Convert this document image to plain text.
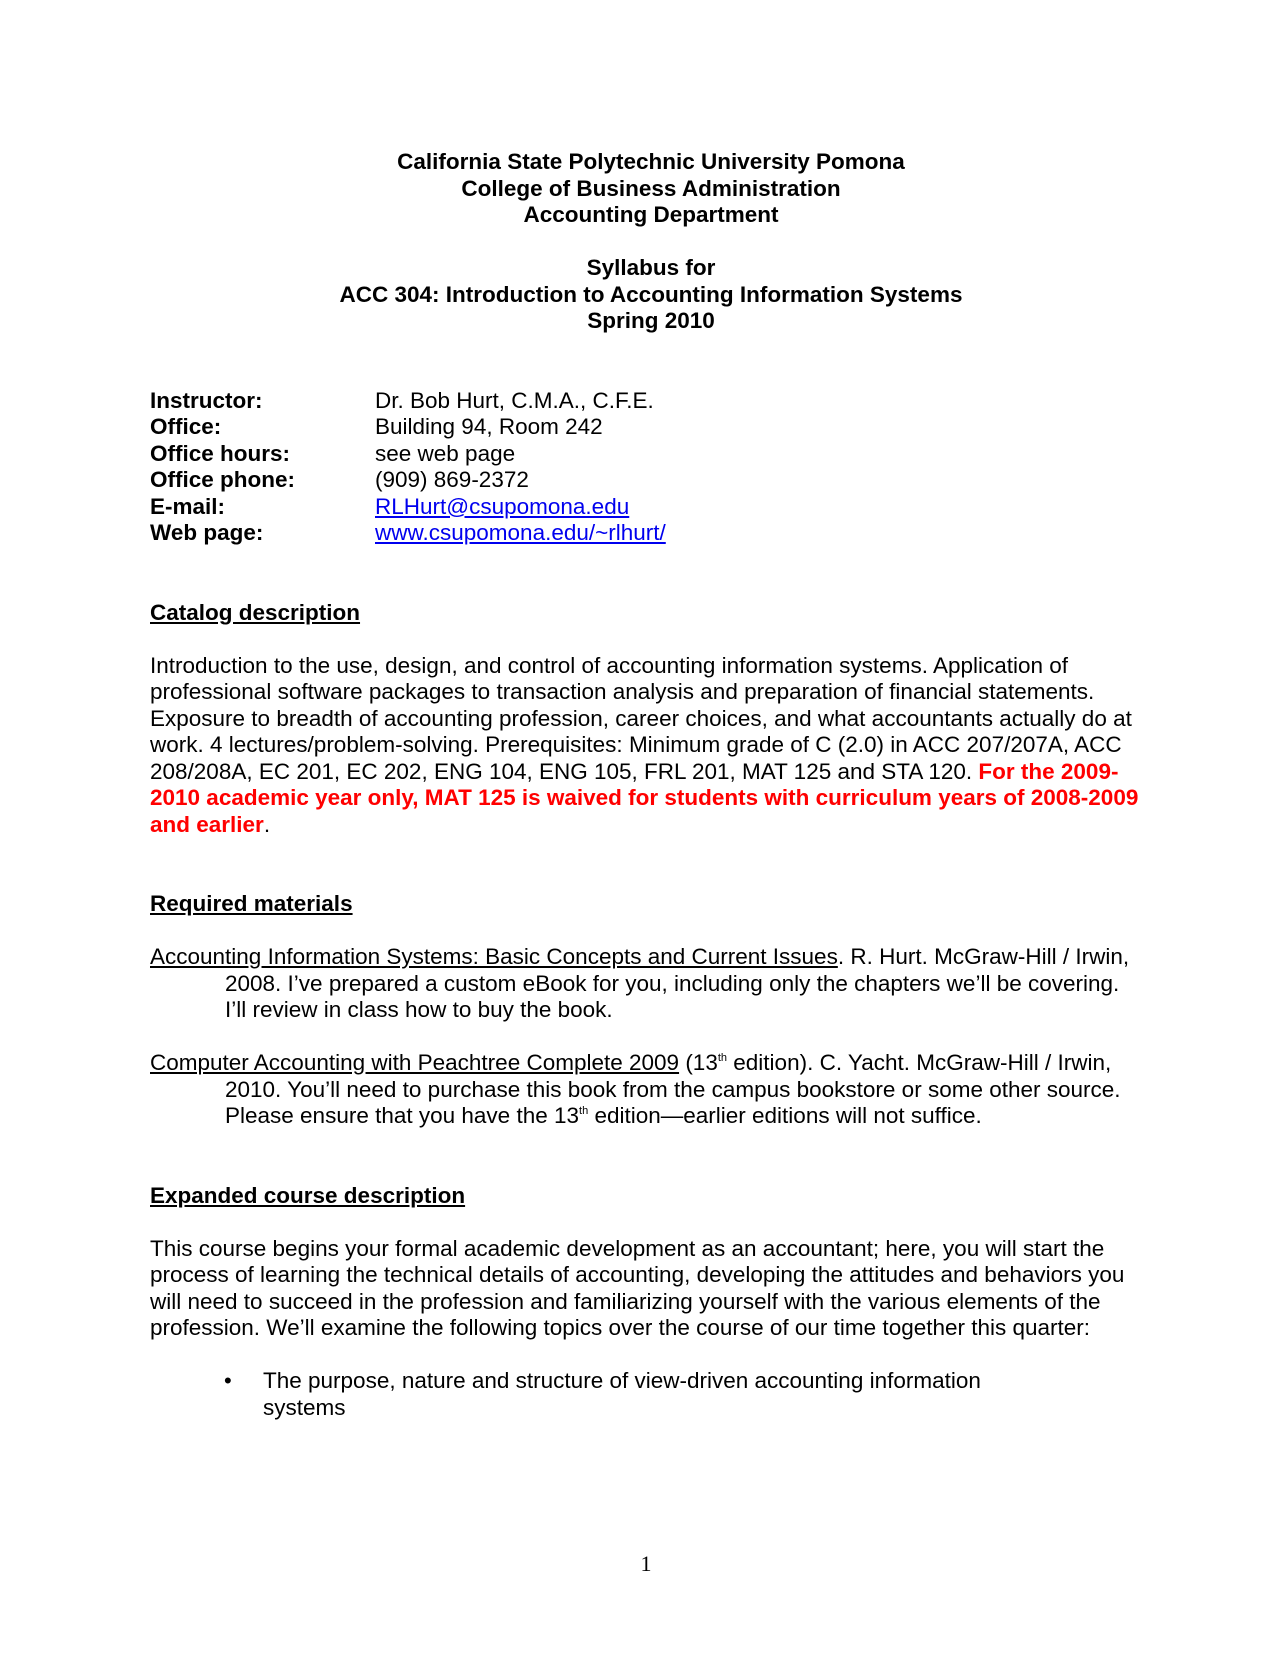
California State Polytechnic University Pomona
College of Business Administration
Accounting Department
Syllabus for
ACC 304: Introduction to Accounting Information Systems
Spring 2010
Instructor:	Dr. Bob Hurt, C.M.A., C.F.E.
Office:	Building 94, Room 242
Office hours:	see web page
Office phone:	(909) 869-2372
E-mail:	RLHurt@csupomona.edu
Web page:	www.csupomona.edu/~rlhurt/
Catalog description

Introduction to the use, design, and control of accounting information systems. Application of professional software packages to transaction analysis and preparation of financial statements. Exposure to breadth of accounting profession, career choices, and what accountants actually do at work. 4 lectures/problem-solving. Prerequisites: Minimum grade of C (2.0) in ACC 207/207A, ACC 208/208A, EC 201, EC 202, ENG 104, ENG 105, FRL 201, MAT 125 and STA 120. For the 2009-2010 academic year only, MAT 125 is waived for students with curriculum years of 2008-2009 and earlier.

Required materials

Accounting Information Systems: Basic Concepts and Current Issues. R. Hurt. McGraw-Hill / Irwin, 2008. I’ve prepared a custom eBook for you, including only the chapters we’ll be covering. I’ll review in class how to buy the book.

Computer Accounting with Peachtree Complete 2009 (13th edition). C. Yacht. McGraw-Hill / Irwin, 2010. You’ll need to purchase this book from the campus bookstore or some other source. Please ensure that you have the 13th edition—earlier editions will not suffice.

Expanded course description

This course begins your formal academic development as an accountant; here, you will start the process of learning the technical details of accounting, developing the attitudes and behaviors you will need to succeed in the profession and familiarizing yourself with the various elements of the profession. We’ll examine the following topics over the course of our time together this quarter:

• The purpose, nature and structure of view-driven accounting information systems
1
